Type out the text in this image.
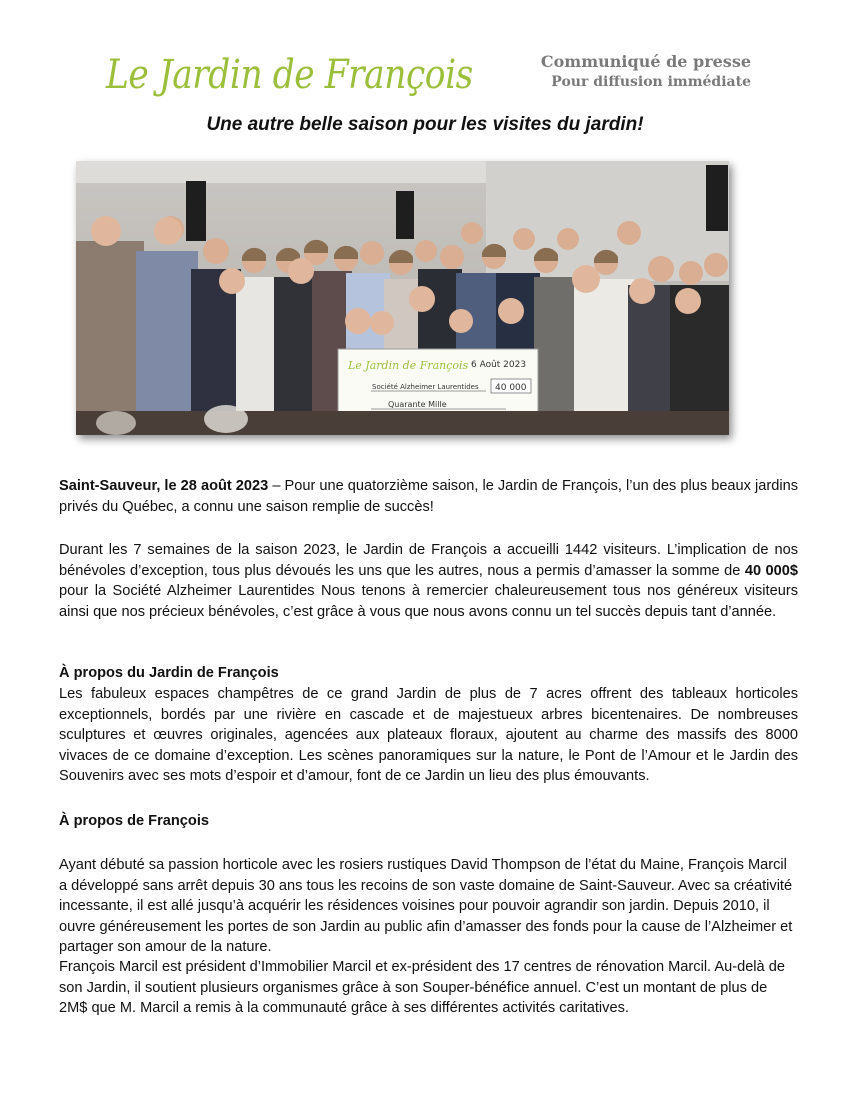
Le Jardin de François	Communiqué de presse
Pour diffusion immédiate
Une autre belle saison pour les visites du jardin!
Le Jardin de François 6 Août 2023
Société Alzheimer Laurentides 40 000
Quarante Mille
Saint-Sauveur, le 28 août 2023 – Pour une quatorzième saison, le Jardin de François, l’un des plus beaux jardins privés du Québec, a connu une saison remplie de succès!
Durant les 7 semaines de la saison 2023, le Jardin de François a accueilli 1442 visiteurs. L’implication de nos bénévoles d’exception, tous plus dévoués les uns que les autres, nous a permis d’amasser la somme de 40 000$ pour la Société Alzheimer Laurentides Nous tenons à remercier chaleureusement tous nos généreux visiteurs ainsi que nos précieux bénévoles, c’est grâce à vous que nous avons connu un tel succès depuis tant d’année.
À propos du Jardin de François
Les fabuleux espaces champêtres de ce grand Jardin de plus de 7 acres offrent des tableaux horticoles exceptionnels, bordés par une rivière en cascade et de majestueux arbres bicentenaires. De nombreuses sculptures et œuvres originales, agencées aux plateaux floraux, ajoutent au charme des massifs des 8000 vivaces de ce domaine d’exception. Les scènes panoramiques sur la nature, le Pont de l’Amour et le Jardin des Souvenirs avec ses mots d’espoir et d’amour, font de ce Jardin un lieu des plus émouvants.
À propos de François
Ayant débuté sa passion horticole avec les rosiers rustiques David Thompson de l’état du Maine, François Marcil a développé sans arrêt depuis 30 ans tous les recoins de son vaste domaine de Saint-Sauveur. Avec sa créativité incessante, il est allé jusqu’à acquérir les résidences voisines pour pouvoir agrandir son jardin. Depuis 2010, il ouvre généreusement les portes de son Jardin au public afin d’amasser des fonds pour la cause de l’Alzheimer et partager son amour de la nature.
François Marcil est président d’Immobilier Marcil et ex-président des 17 centres de rénovation Marcil. Au-delà de son Jardin, il soutient plusieurs organismes grâce à son Souper-bénéfice annuel. C’est un montant de plus de 2M$ que M. Marcil a remis à la communauté grâce à ses différentes activités caritatives.
